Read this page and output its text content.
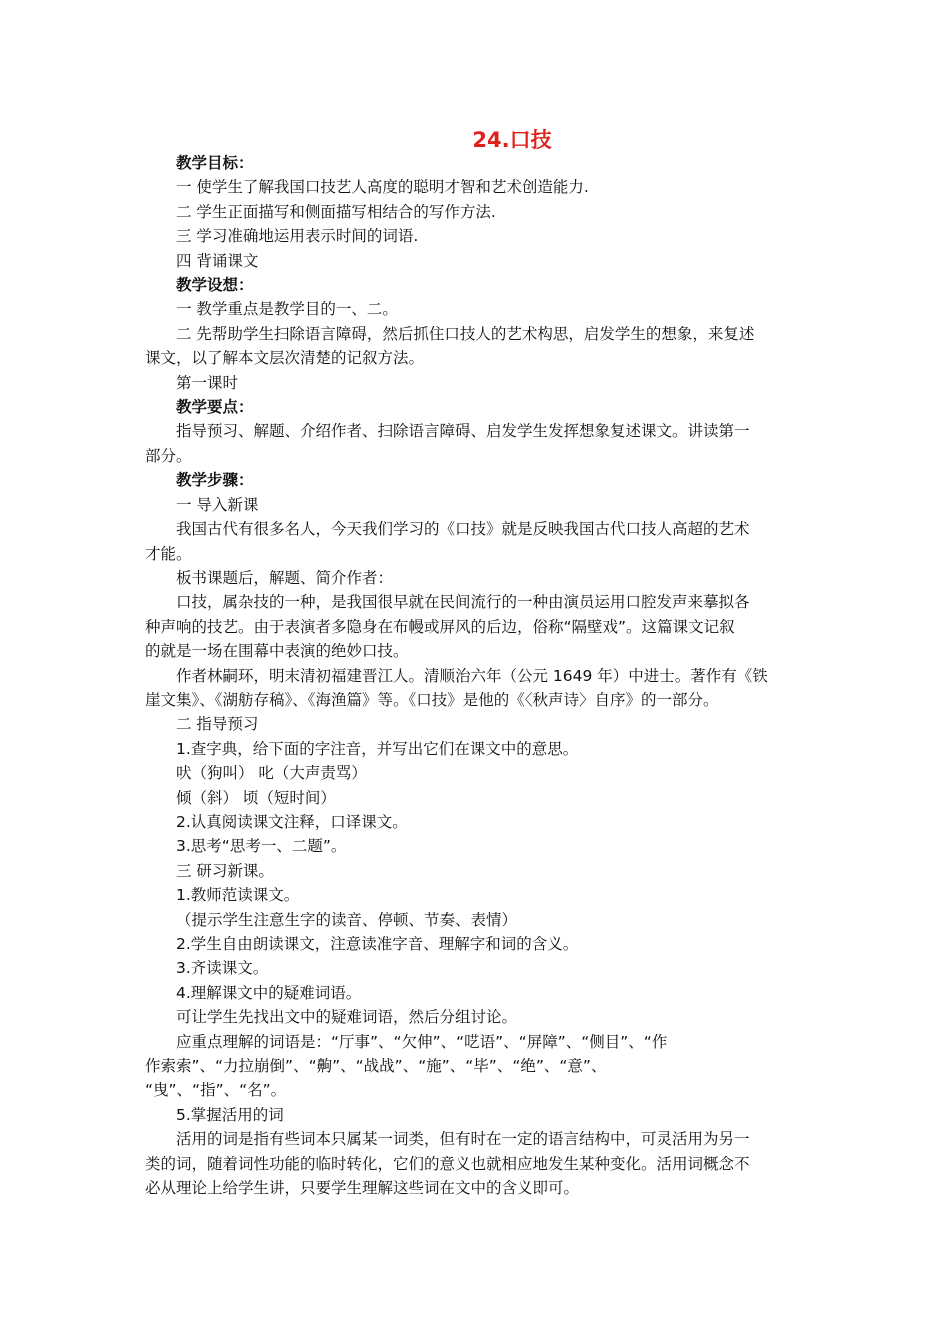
24.口技
教学目标：
一 使学生了解我国口技艺人高度的聪明才智和艺术创造能力.
二 学生正面描写和侧面描写相结合的写作方法.
三 学习准确地运用表示时间的词语.
四 背诵课文
教学设想：
一 教学重点是教学目的一、二。
二 先帮助学生扫除语言障碍，然后抓住口技人的艺术构思，启发学生的想象，来复述
课文，以了解本文层次清楚的记叙方法。
第一课时
教学要点：
指导预习、解题、介绍作者、扫除语言障碍、启发学生发挥想象复述课文。讲读第一
部分。
教学步骤：
一 导入新课
我国古代有很多名人，今天我们学习的《口技》就是反映我国古代口技人高超的艺术
才能。
板书课题后，解题、简介作者：
口技，属杂技的一种，是我国很早就在民间流行的一种由演员运用口腔发声来摹拟各
种声响的技艺。由于表演者多隐身在布幔或屏风的后边，俗称“隔壁戏”。这篇课文记叙
的就是一场在围幕中表演的绝妙口技。
作者林嗣环，明末清初福建晋江人。清顺治六年（公元 1649 年）中进士。著作有《铁
崖文集》、《湖舫存稿》、《海渔篇》等。《口技》是他的《〈秋声诗〉自序》的一部分。
二 指导预习
1.查字典，给下面的字注音，并写出它们在课文中的意思。
吠（狗叫） 叱（大声责骂）
倾（斜） 顷（短时间）
2.认真阅读课文注释，口译课文。
3.思考“思考一、二题”。
三 研习新课。
1.教师范读课文。
（提示学生注意生字的读音、停顿、节奏、表情）
2.学生自由朗读课文，注意读准字音、理解字和词的含义。
3.齐读课文。
4.理解课文中的疑难词语。
可让学生先找出文中的疑难词语，然后分组讨论。
应重点理解的词语是：“厅事”、“欠伸”、“呓语”、“屏障”、“侧目”、“作
作索索”、“力拉崩倒”、“齁”、“战战”、“施”、“毕”、“绝”、“意”、
“曳”、“指”、“名”。
5.掌握活用的词
活用的词是指有些词本只属某一词类，但有时在一定的语言结构中，可灵活用为另一
类的词，随着词性功能的临时转化，它们的意义也就相应地发生某种变化。活用词概念不
必从理论上给学生讲，只要学生理解这些词在文中的含义即可。
